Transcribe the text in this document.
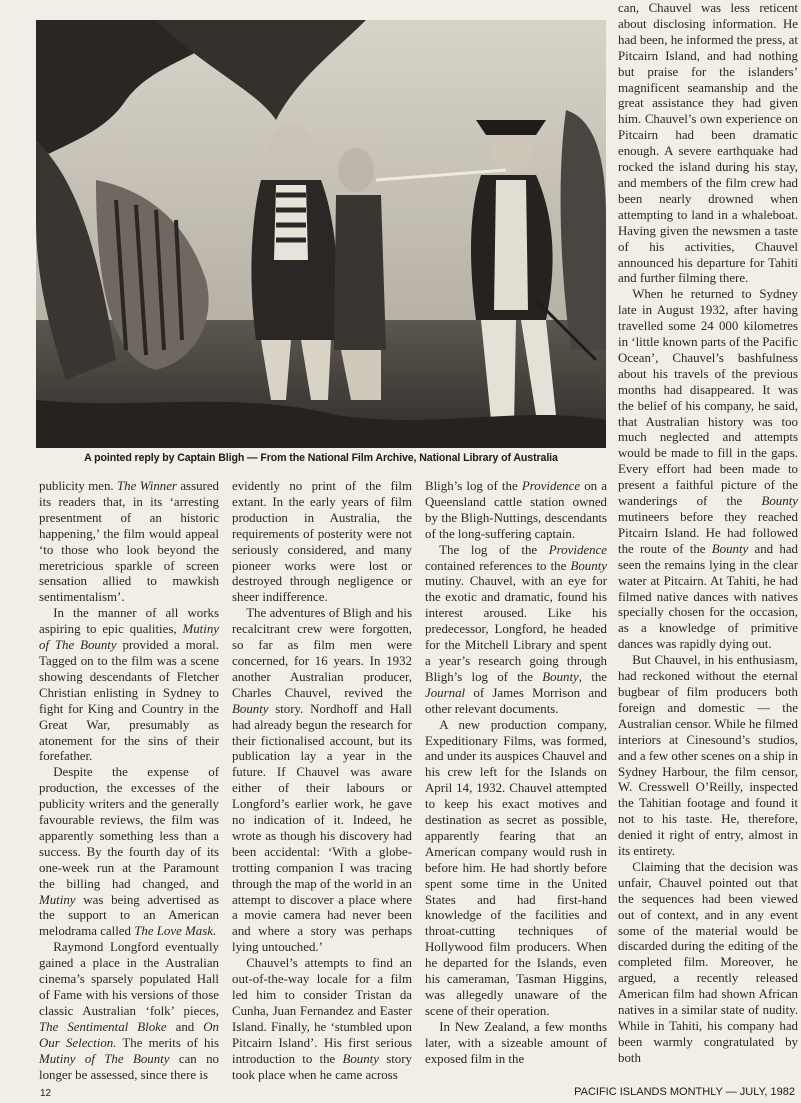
A pointed reply by Captain Bligh — From the National Film Archive, National Library of Australia

publicity men. The Winner assured its readers that, in its ‘arresting presentment of an historic happening,’ the film would appeal ‘to those who look beyond the meretricious sparkle of screen sensation allied to mawkish sentimentalism’.

In the manner of all works aspiring to epic qualities, Mutiny of The Bounty provided a moral. Tagged on to the film was a scene showing descendants of Fletcher Christian enlisting in Sydney to fight for King and Country in the Great War, presumably as atonement for the sins of their forefather.

Despite the expense of production, the excesses of the publicity writers and the generally favourable reviews, the film was apparently something less than a success. By the fourth day of its one-week run at the Paramount the billing had changed, and Mutiny was being advertised as the support to an American melodrama called The Love Mask.

Raymond Longford eventually gained a place in the Australian cinema’s sparsely populated Hall of Fame with his versions of those classic Australian ‘folk’ pieces, The Sentimental Bloke and On Our Selection. The merits of his Mutiny of The Bounty can no longer be assessed, since there is

evidently no print of the film extant. In the early years of film production in Australia, the requirements of posterity were not seriously considered, and many pioneer works were lost or destroyed through negligence or sheer indifference.

The adventures of Bligh and his recalcitrant crew were forgotten, so far as film men were concerned, for 16 years. In 1932 another Australian producer, Charles Chauvel, revived the Bounty story. Nordhoff and Hall had already begun the research for their fictionalised account, but its publication lay a year in the future. If Chauvel was aware either of their labours or Longford’s earlier work, he gave no indication of it. Indeed, he wrote as though his discovery had been accidental: ‘With a globe-trotting companion I was tracing through the map of the world in an attempt to discover a place where a movie camera had never been and where a story was perhaps lying untouched.’

Chauvel’s attempts to find an out-of-the-way locale for a film led him to consider Tristan da Cunha, Juan Fernandez and Easter Island. Finally, he ‘stumbled upon Pitcairn Island’. His first serious introduction to the Bounty story took place when he came across

Bligh’s log of the Providence on a Queensland cattle station owned by the Bligh-Nuttings, descendants of the long-suffering captain.

The log of the Providence contained references to the Bounty mutiny. Chauvel, with an eye for the exotic and dramatic, found his interest aroused. Like his predecessor, Longford, he headed for the Mitchell Library and spent a year’s research going through Bligh’s log of the Bounty, the Journal of James Morrison and other relevant documents.

A new production company, Expeditionary Films, was formed, and under its auspices Chauvel and his crew left for the Islands on April 14, 1932. Chauvel attempted to keep his exact motives and destination as secret as possible, apparently fearing that an American company would rush in before him. He had shortly before spent some time in the United States and had first-hand knowledge of the facilities and throat-cutting techniques of Hollywood film producers. When he departed for the Islands, even his cameraman, Tasman Higgins, was allegedly unaware of the scene of their operation.

In New Zealand, a few months later, with a sizeable amount of exposed film in the

can, Chauvel was less reticent about disclosing information. He had been, he informed the press, at Pitcairn Island, and had nothing but praise for the islanders’ magnificent seamanship and the great assistance they had given him. Chauvel’s own experience on Pitcairn had been dramatic enough. A severe earthquake had rocked the island during his stay, and members of the film crew had been nearly drowned when attempting to land in a whaleboat. Having given the newsmen a taste of his activities, Chauvel announced his departure for Tahiti and further filming there.

When he returned to Sydney late in August 1932, after having travelled some 24 000 kilometres in ‘little known parts of the Pacific Ocean’, Chauvel’s bashfulness about his travels of the previous months had disappeared. It was the belief of his company, he said, that Australian history was too much neglected and attempts would be made to fill in the gaps. Every effort had been made to present a faithful picture of the wanderings of the Bounty mutineers before they reached Pitcairn Island. He had followed the route of the Bounty and had seen the remains lying in the clear water at Pitcairn. At Tahiti, he had filmed native dances with natives specially chosen for the occasion, as a knowledge of primitive dances was rapidly dying out.

But Chauvel, in his enthusiasm, had reckoned without the eternal bugbear of film producers both foreign and domestic — the Australian censor. While he filmed interiors at Cinesound’s studios, and a few other scenes on a ship in Sydney Harbour, the film censor, W. Cresswell O’Reilly, inspected the Tahitian footage and found it not to his taste. He, therefore, denied it right of entry, almost in its entirety.

Claiming that the decision was unfair, Chauvel pointed out that the sequences had been viewed out of context, and in any event some of the material would be discarded during the editing of the completed film. Moreover, he argued, a recently released American film had shown African natives in a similar state of nudity. While in Tahiti, his company had been warmly congratulated by both

12	PACIFIC ISLANDS MONTHLY — JULY, 1982
